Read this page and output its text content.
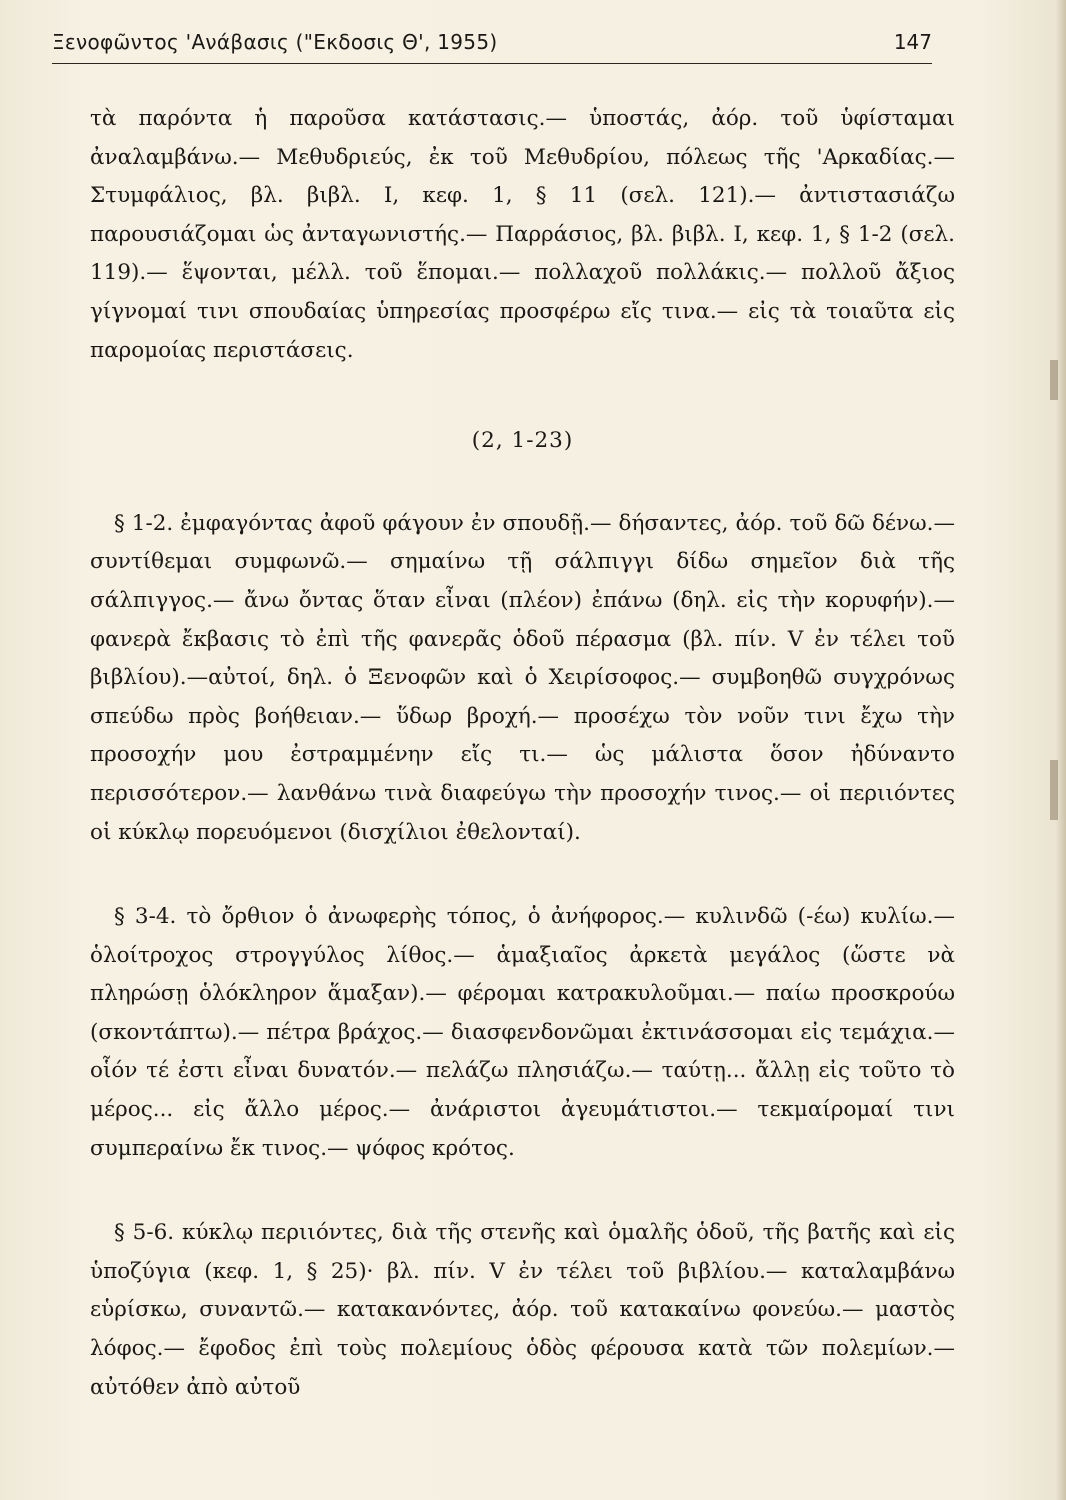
Ξενοφῶντος 'Ανάβασις ("Εκδοσις Θ', 1955)	147

τὰ παρόντα ἡ παροῦσα κατάστασις.— ὑποστάς, ἀόρ. τοῦ ὑφίσταμαι ἀναλαμβάνω.— Μεθυδριεύς, ἐκ τοῦ Μεθυδρίου, πόλεως τῆς 'Αρκαδίας.— Στυμφάλιος, βλ. βιβλ. Ι, κεφ. 1, § 11 (σελ. 121).— ἀντιστασιάζω παρουσιάζομαι ὡς ἀνταγωνιστής.— Παρράσιος, βλ. βιβλ. Ι, κεφ. 1, § 1-2 (σελ. 119).— ἕψονται, μέλλ. τοῦ ἕπομαι.— πολλαχοῦ πολλάκις.— πολλοῦ ἄξιος γίγνομαί τινι σπουδαίας ὑπηρεσίας προσφέρω εἴς τινα.— εἰς τὰ τοιαῦτα εἰς παρομοίας περιστάσεις.

(2, 1-23)

§ 1-2. ἐμφαγόντας ἀφοῦ φάγουν ἐν σπουδῇ.— δήσαντες, ἀόρ. τοῦ δῶ δένω.— συντίθεμαι συμφωνῶ.— σημαίνω τῇ σάλπιγγι δίδω σημεῖον διὰ τῆς σάλπιγγος.— ἄνω ὄντας ὅταν εἶναι (πλέον) ἐπάνω (δηλ. εἰς τὴν κορυφήν).— φανερὰ ἔκβασις τὸ ἐπὶ τῆς φανερᾶς ὁδοῦ πέρασμα (βλ. πίν. V ἐν τέλει τοῦ βιβλίου).—αὐτοί, δηλ. ὁ Ξενοφῶν καὶ ὁ Χειρίσοφος.— συμβοηθῶ συγχρόνως σπεύδω πρὸς βοήθειαν.— ὕδωρ βροχή.— προσέχω τὸν νοῦν τινι ἔχω τὴν προσοχήν μου ἐστραμμένην εἴς τι.— ὡς μάλιστα ὅσον ἠδύναντο περισσότερον.— λανθάνω τινὰ διαφεύγω τὴν προσοχήν τινος.— οἱ περιιόντες οἱ κύκλῳ πορευόμενοι (δισχίλιοι ἐθελονταί).

§ 3-4. τὸ ὄρθιον ὁ ἀνωφερὴς τόπος, ὁ ἀνήφορος.— κυλινδῶ (-έω) κυλίω.— ὁλοίτροχος στρογγύλος λίθος.— ἁμαξιαῖος ἀρκετὰ μεγάλος (ὥστε νὰ πληρώσῃ ὁλόκληρον ἅμαξαν).— φέρομαι κατρακυλοῦμαι.— παίω προσκρούω (σκοντάπτω).— πέτρα βράχος.— διασφενδονῶμαι ἐκτινάσσομαι εἰς τεμάχια.— οἷόν τέ ἐστι εἶναι δυνατόν.— πελάζω πλησιάζω.— ταύτῃ... ἄλλῃ εἰς τοῦτο τὸ μέρος... εἰς ἄλλο μέρος.— ἀνάριστοι ἀγευμάτιστοι.— τεκμαίρομαί τινι συμπεραίνω ἔκ τινος.— ψόφος κρότος.

§ 5-6. κύκλῳ περιιόντες, διὰ τῆς στενῆς καὶ ὁμαλῆς ὁδοῦ, τῆς βατῆς καὶ εἰς ὑποζύγια (κεφ. 1, § 25)· βλ. πίν. V ἐν τέλει τοῦ βιβλίου.— καταλαμβάνω εὑρίσκω, συναντῶ.— κατακανόντες, ἀόρ. τοῦ κατακαίνω φονεύω.— μαστὸς λόφος.— ἔφοδος ἐπὶ τοὺς πολεμίους ὁδὸς φέρουσα κατὰ τῶν πολεμίων.— αὐτόθεν ἀπὸ αὐτοῦ
